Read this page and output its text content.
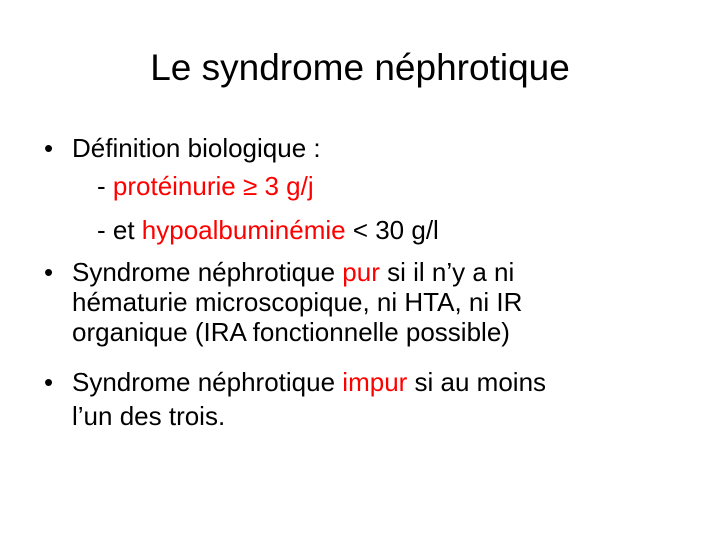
Le syndrome néphrotique
• Définition biologique :
- protéinurie ≥ 3 g/j
- et hypoalbuminémie < 30 g/l
• Syndrome néphrotique pur si il n’y a ni
hématurie microscopique, ni HTA, ni IR
organique (IRA fonctionnelle possible)
• Syndrome néphrotique impur si au moins
l’un des trois.
